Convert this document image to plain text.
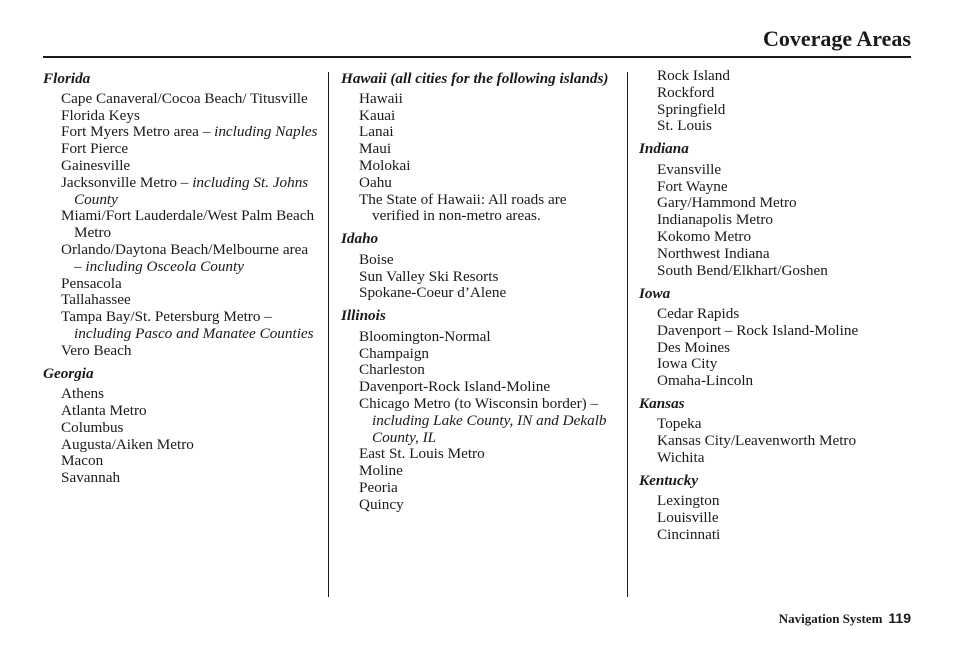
Coverage Areas
Florida
Cape Canaveral/Cocoa Beach/ Titusville
Florida Keys
Fort Myers Metro area – including Naples
Fort Pierce
Gainesville
Jacksonville Metro – including St. Johns County
Miami/Fort Lauderdale/West Palm Beach Metro
Orlando/Daytona Beach/Melbourne area – including Osceola County
Pensacola
Tallahassee
Tampa Bay/St. Petersburg Metro – including Pasco and Manatee Counties
Vero Beach
Georgia
Athens
Atlanta Metro
Columbus
Augusta/Aiken Metro
Macon
Savannah
Hawaii (all cities for the following islands)
Hawaii
Kauai
Lanai
Maui
Molokai
Oahu
The State of Hawaii: All roads are verified in non-metro areas.
Idaho
Boise
Sun Valley Ski Resorts
Spokane-Coeur d’Alene
Illinois
Bloomington-Normal
Champaign
Charleston
Davenport-Rock Island-Moline
Chicago Metro (to Wisconsin border) – including Lake County, IN and Dekalb County, IL
East St. Louis Metro
Moline
Peoria
Quincy
Rock Island
Rockford
Springfield
St. Louis
Indiana
Evansville
Fort Wayne
Gary/Hammond Metro
Indianapolis Metro
Kokomo Metro
Northwest Indiana
South Bend/Elkhart/Goshen
Iowa
Cedar Rapids
Davenport – Rock Island-Moline
Des Moines
Iowa City
Omaha-Lincoln
Kansas
Topeka
Kansas City/Leavenworth Metro
Wichita
Kentucky
Lexington
Louisville
Cincinnati
Navigation System 119
